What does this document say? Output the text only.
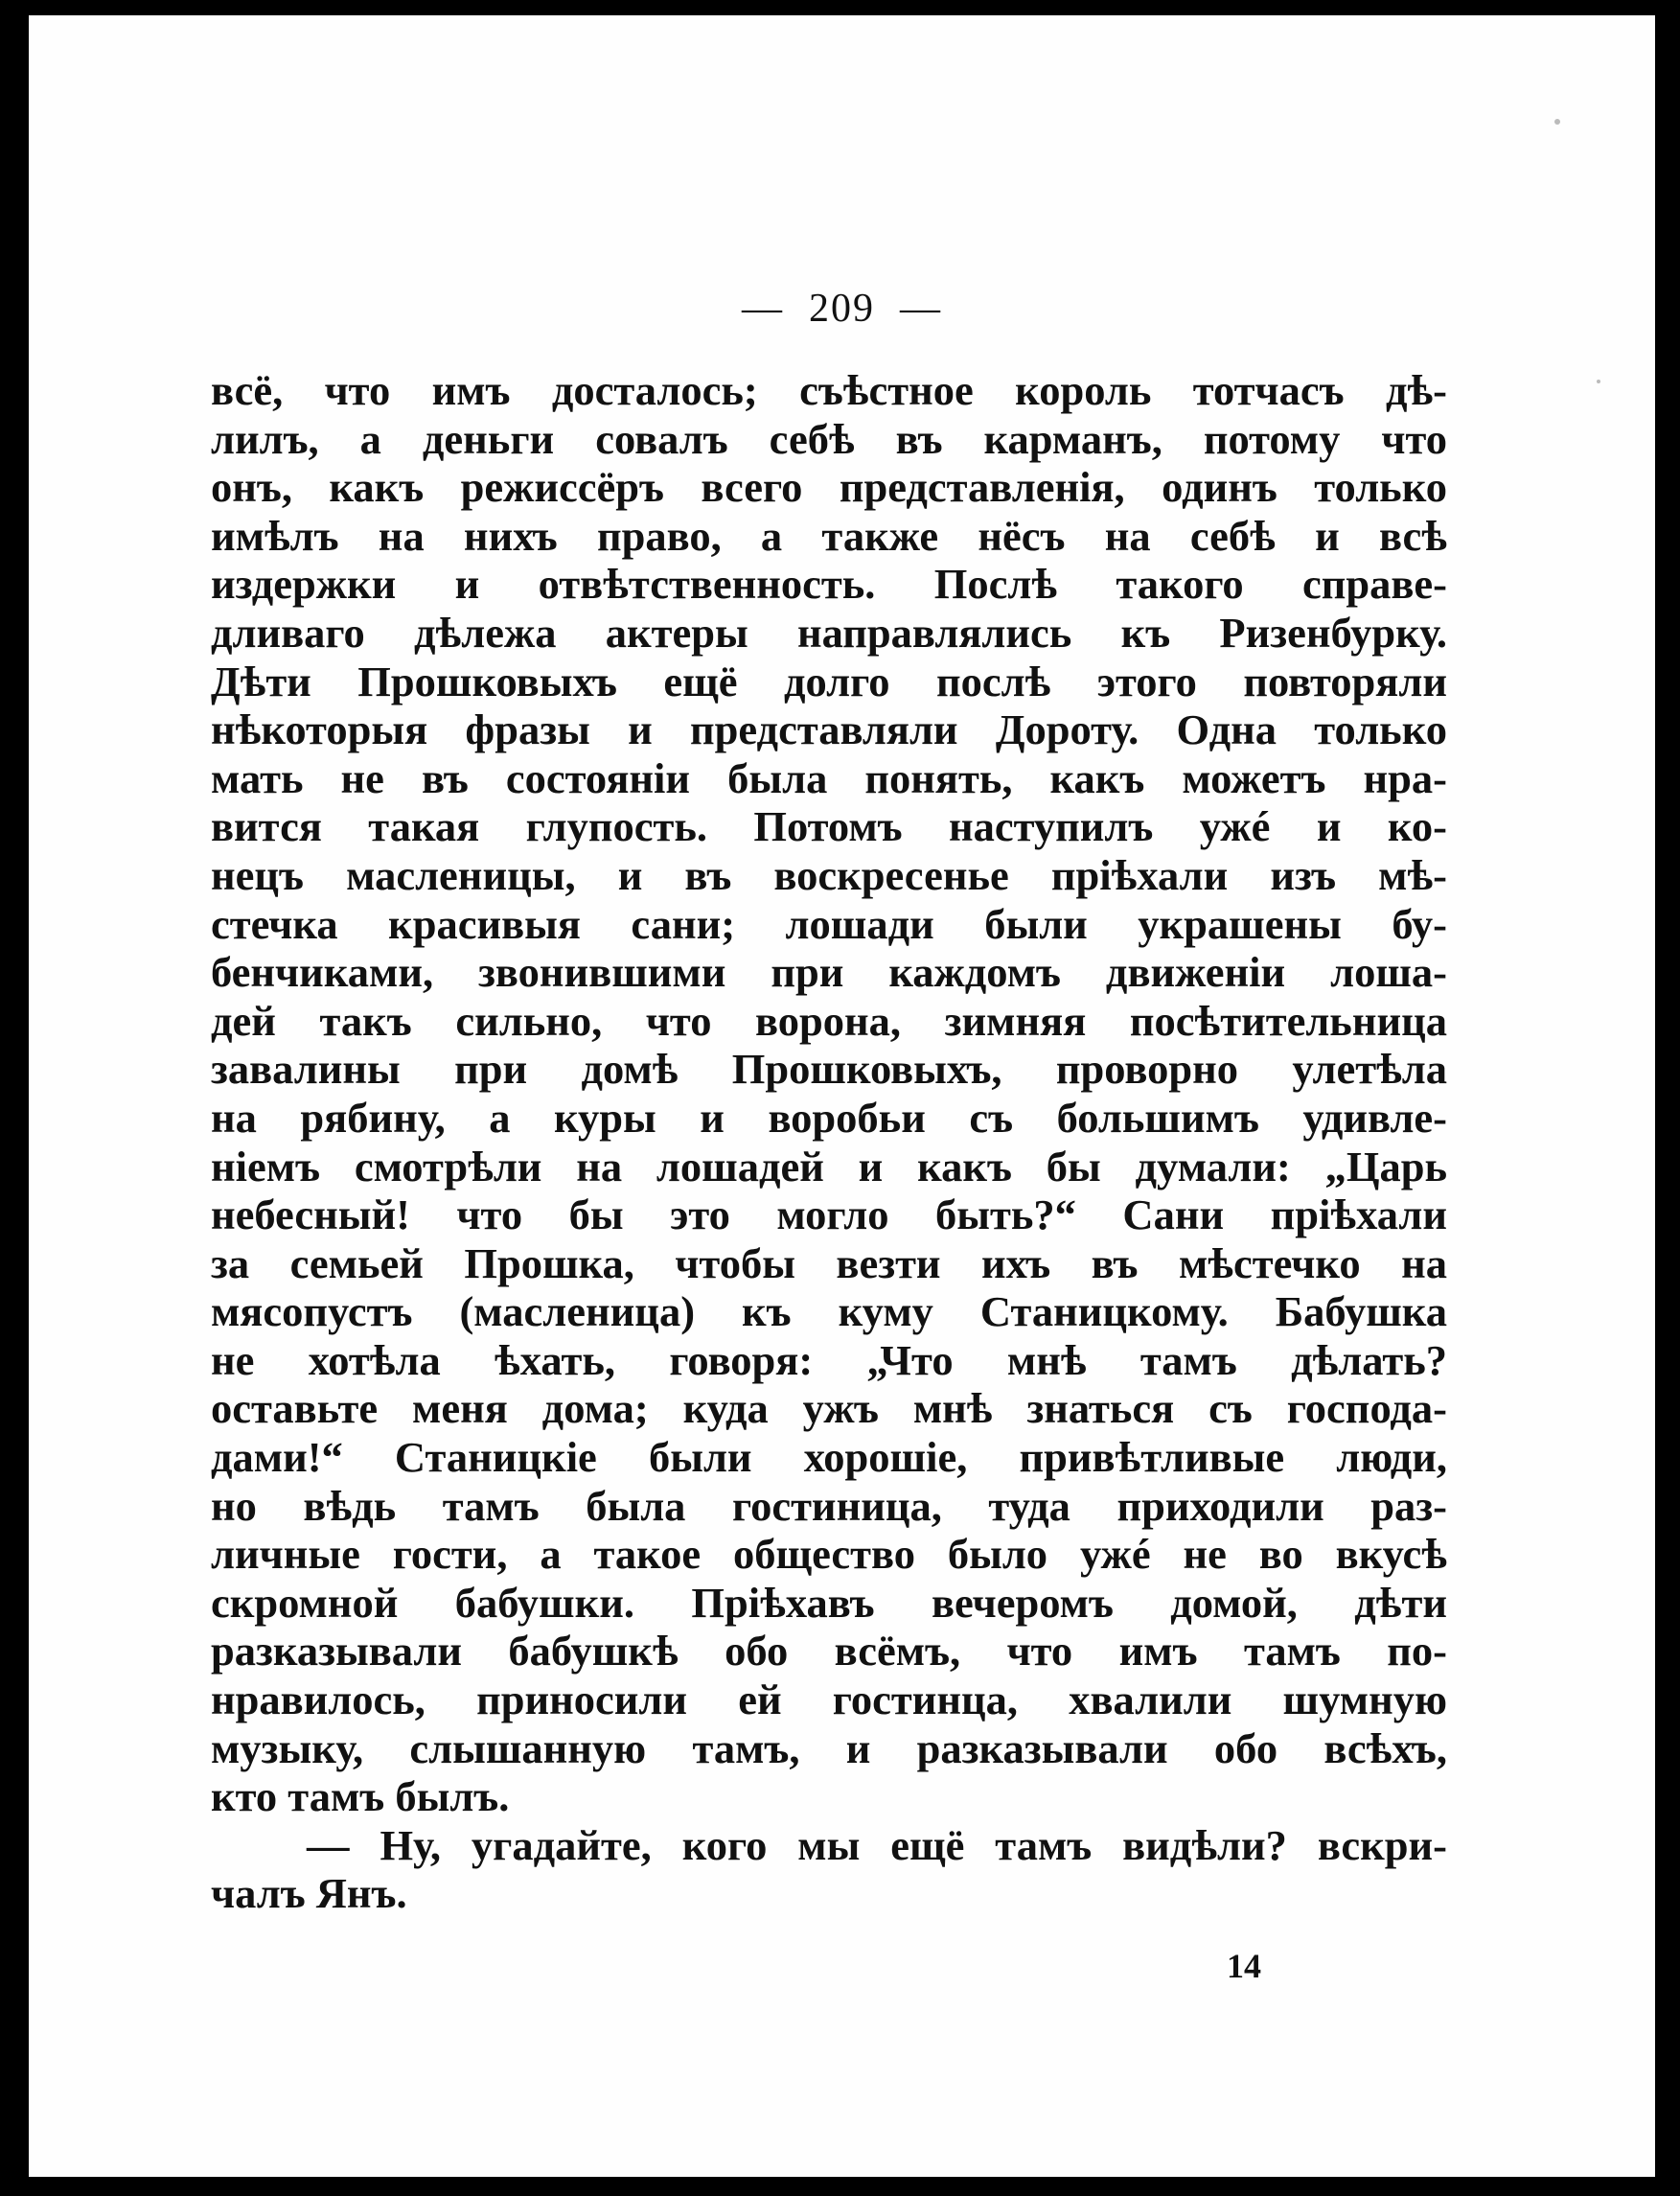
— 209 —
всё, что имъ досталось; съѣстное король тотчасъ дѣ-
лилъ, а деньги совалъ себѣ въ карманъ, потому что
онъ, какъ режиссёръ всего представленія, одинъ только
имѣлъ на нихъ право, а также нёсъ на себѣ и всѣ
издержки и отвѣтственность. Послѣ такого справе-
дливаго дѣлежа актеры направлялись къ Ризенбурку.
Дѣти Прошковыхъ ещё долго послѣ этого повторяли
нѣкоторыя фразы и представляли Дороту. Одна только
мать не въ состояніи была понять, какъ можетъ нра-
вится такая глупость. Потомъ наступилъ ужé и ко-
нецъ масленицы, и въ воскресенье пріѣхали изъ мѣ-
стечка красивыя сани; лошади были украшены бу-
бенчиками, звонившими при каждомъ движеніи лоша-
дей такъ сильно, что ворона, зимняя посѣтительница
завалины при домѣ Прошковыхъ, проворно улетѣла
на рябину, а куры и воробьи съ большимъ удивле-
ніемъ смотрѣли на лошадей и какъ бы думали: „Царь
небесный! что бы это могло быть?“ Сани пріѣхали
за семьей Прошка, чтобы везти ихъ въ мѣстечко на
мясопустъ (масленица) къ куму Станицкому. Бабушка
не хотѣла ѣхать, говоря: „Что мнѣ тамъ дѣлать?
оставьте меня дома; куда ужъ мнѣ знаться съ господа-
дами!“ Станицкіе были хорошіе, привѣтливые люди,
но вѣдь тамъ была гостиница, туда приходили раз-
личные гости, а такое общество было ужé не во вкусѣ
скромной бабушки. Пріѣхавъ вечеромъ домой, дѣти
разказывали бабушкѣ обо всёмъ, что имъ тамъ по-
нравилось, приносили ей гостинца, хвалили шумную
музыку, слышанную тамъ, и разказывали обо всѣхъ,
кто тамъ былъ.
— Ну, угадайте, кого мы ещё тамъ видѣли? вскри-
чалъ Янъ.
14
